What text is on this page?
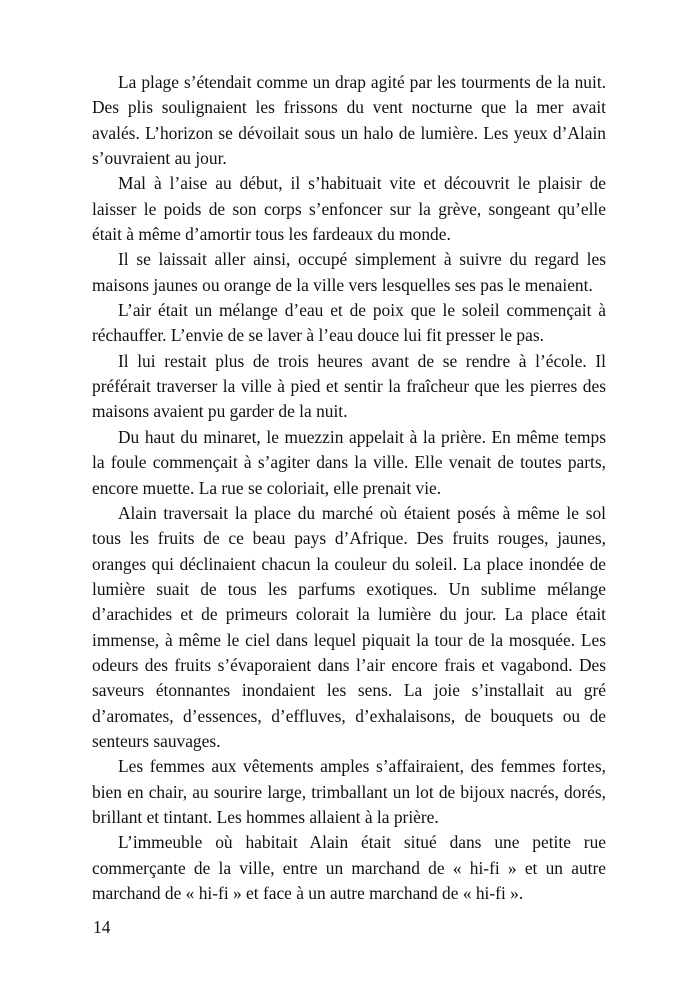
La plage s’étendait comme un drap agité par les tourments de la nuit. Des plis soulignaient les frissons du vent nocturne que la mer avait avalés. L’horizon se dévoilait sous un halo de lumière. Les yeux d’Alain s’ouvraient au jour.

Mal à l’aise au début, il s’habituait vite et découvrit le plaisir de laisser le poids de son corps s’enfoncer sur la grève, songeant qu’elle était à même d’amortir tous les fardeaux du monde.

Il se laissait aller ainsi, occupé simplement à suivre du regard les maisons jaunes ou orange de la ville vers lesquelles ses pas le menaient.

L’air était un mélange d’eau et de poix que le soleil commençait à réchauffer. L’envie de se laver à l’eau douce lui fit presser le pas.

Il lui restait plus de trois heures avant de se rendre à l’école. Il préférait traverser la ville à pied et sentir la fraîcheur que les pierres des maisons avaient pu garder de la nuit.

Du haut du minaret, le muezzin appelait à la prière. En même temps la foule commençait à s’agiter dans la ville. Elle venait de toutes parts, encore muette. La rue se coloriait, elle prenait vie.

Alain traversait la place du marché où étaient posés à même le sol tous les fruits de ce beau pays d’Afrique. Des fruits rouges, jaunes, oranges qui déclinaient chacun la couleur du soleil. La place inondée de lumière suait de tous les parfums exotiques. Un sublime mélange d’arachides et de primeurs colorait la lumière du jour. La place était immense, à même le ciel dans lequel piquait la tour de la mosquée. Les odeurs des fruits s’évaporaient dans l’air encore frais et vagabond. Des saveurs étonnantes inondaient les sens. La joie s’installait au gré d’aromates, d’essences, d’effluves, d’exhalaisons, de bouquets ou de senteurs sauvages.

Les femmes aux vêtements amples s’affairaient, des femmes fortes, bien en chair, au sourire large, trimballant un lot de bijoux nacrés, dorés, brillant et tintant. Les hommes allaient à la prière.

L’immeuble où habitait Alain était situé dans une petite rue commerçante de la ville, entre un marchand de « hi-fi » et un autre marchand de « hi-fi » et face à un autre marchand de « hi-fi ».

14
